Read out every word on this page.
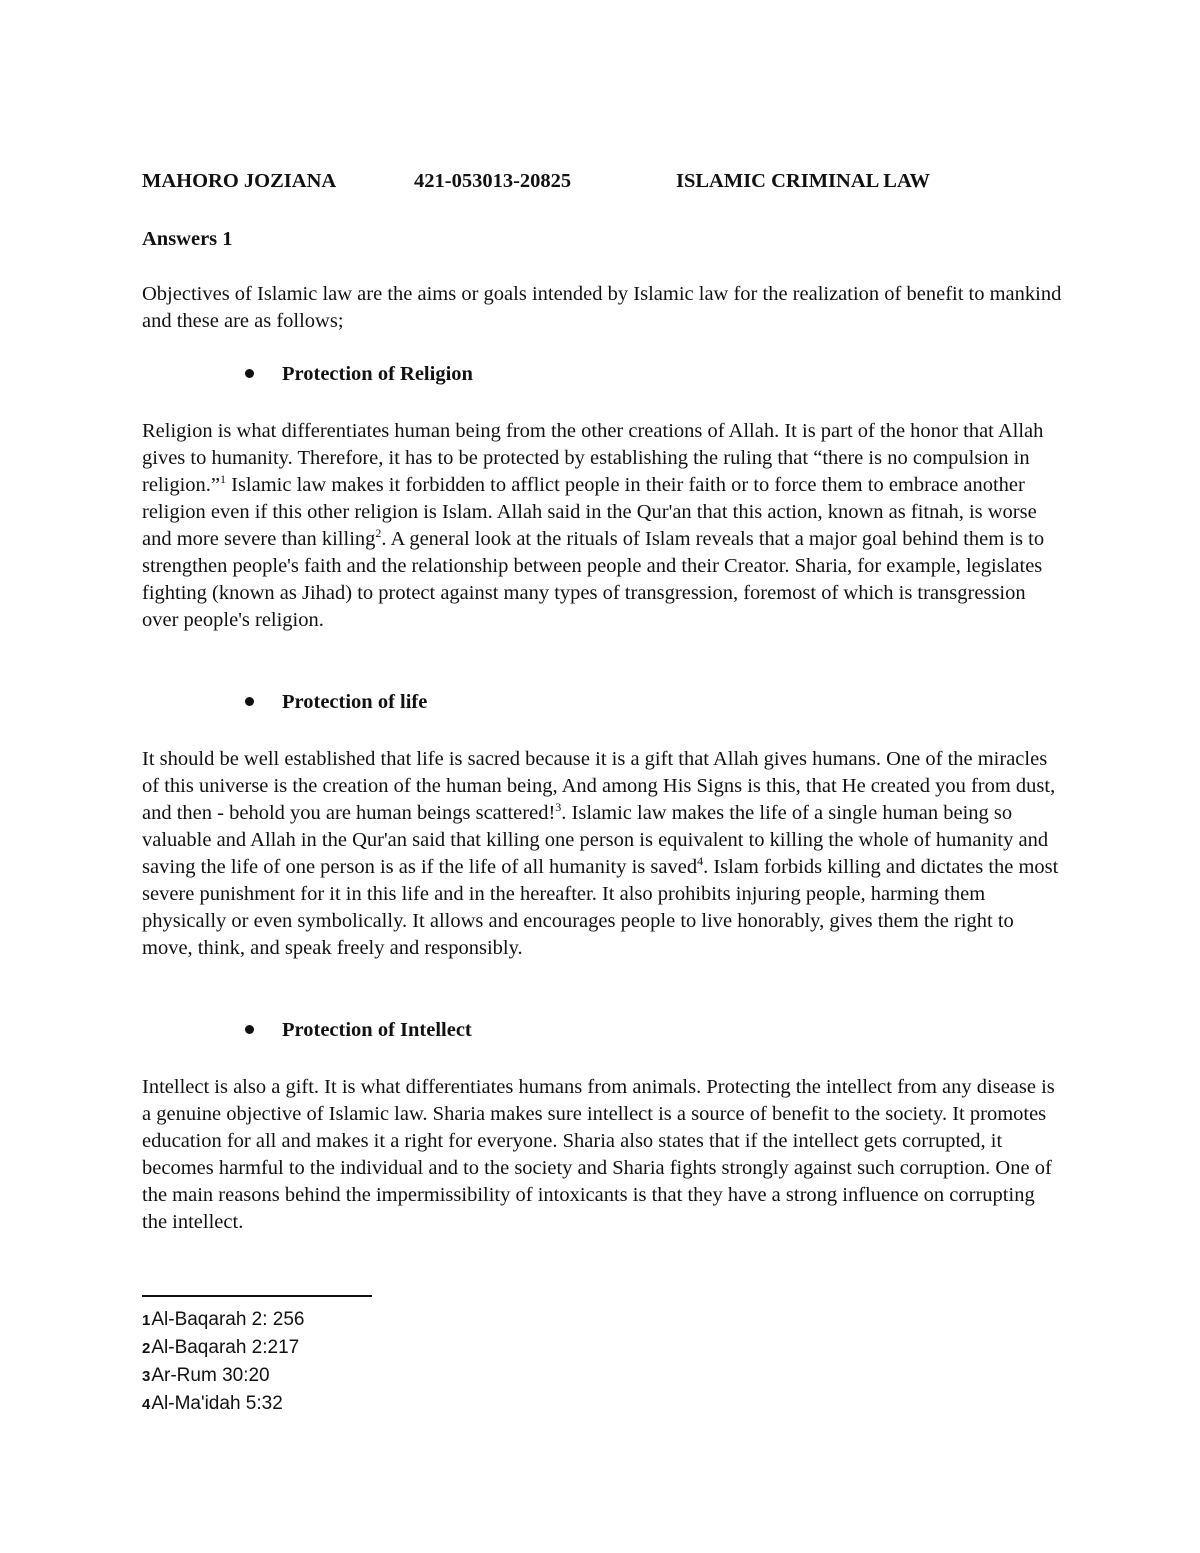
MAHORO JOZIANA	421-053013-20825	ISLAMIC CRIMINAL LAW
Answers 1

Objectives of Islamic law are the aims or goals intended by Islamic law for the realization of benefit to mankind and these are as follows;

Protection of Religion

Religion is what differentiates human being from the other creations of Allah. It is part of the honor that Allah gives to humanity. Therefore, it has to be protected by establishing the ruling that “there is no compulsion in religion.”$^1$ Islamic law makes it forbidden to afflict people in their faith or to force them to embrace another religion even if this other religion is Islam. Allah said in the Qur'an that this action, known as fitnah, is worse and more severe than killing$^2$. A general look at the rituals of Islam reveals that a major goal behind them is to strengthen people's faith and the relationship between people and their Creator. Sharia, for example, legislates fighting (known as Jihad) to protect against many types of transgression, foremost of which is transgression over people's religion.

Protection of life

It should be well established that life is sacred because it is a gift that Allah gives humans. One of the miracles of this universe is the creation of the human being, And among His Signs is this, that He created you from dust, and then - behold you are human beings scattered!$^3$. Islamic law makes the life of a single human being so valuable and Allah in the Qur'an said that killing one person is equivalent to killing the whole of humanity and saving the life of one person is as if the life of all humanity is saved$^4$. Islam forbids killing and dictates the most severe punishment for it in this life and in the hereafter. It also prohibits injuring people, harming them physically or even symbolically. It allows and encourages people to live honorably, gives them the right to move, think, and speak freely and responsibly.

Protection of Intellect

Intellect is also a gift. It is what differentiates humans from animals. Protecting the intellect from any disease is a genuine objective of Islamic law. Sharia makes sure intellect is a source of benefit to the society. It promotes education for all and makes it a right for everyone. Sharia also states that if the intellect gets corrupted, it becomes harmful to the individual and to the society and Sharia fights strongly against such corruption. One of the main reasons behind the impermissibility of intoxicants is that they have a strong influence on corrupting the intellect.

1Al-Baqarah 2: 256
2Al-Baqarah 2:217
3Ar-Rum 30:20
4Al-Ma'idah 5:32
